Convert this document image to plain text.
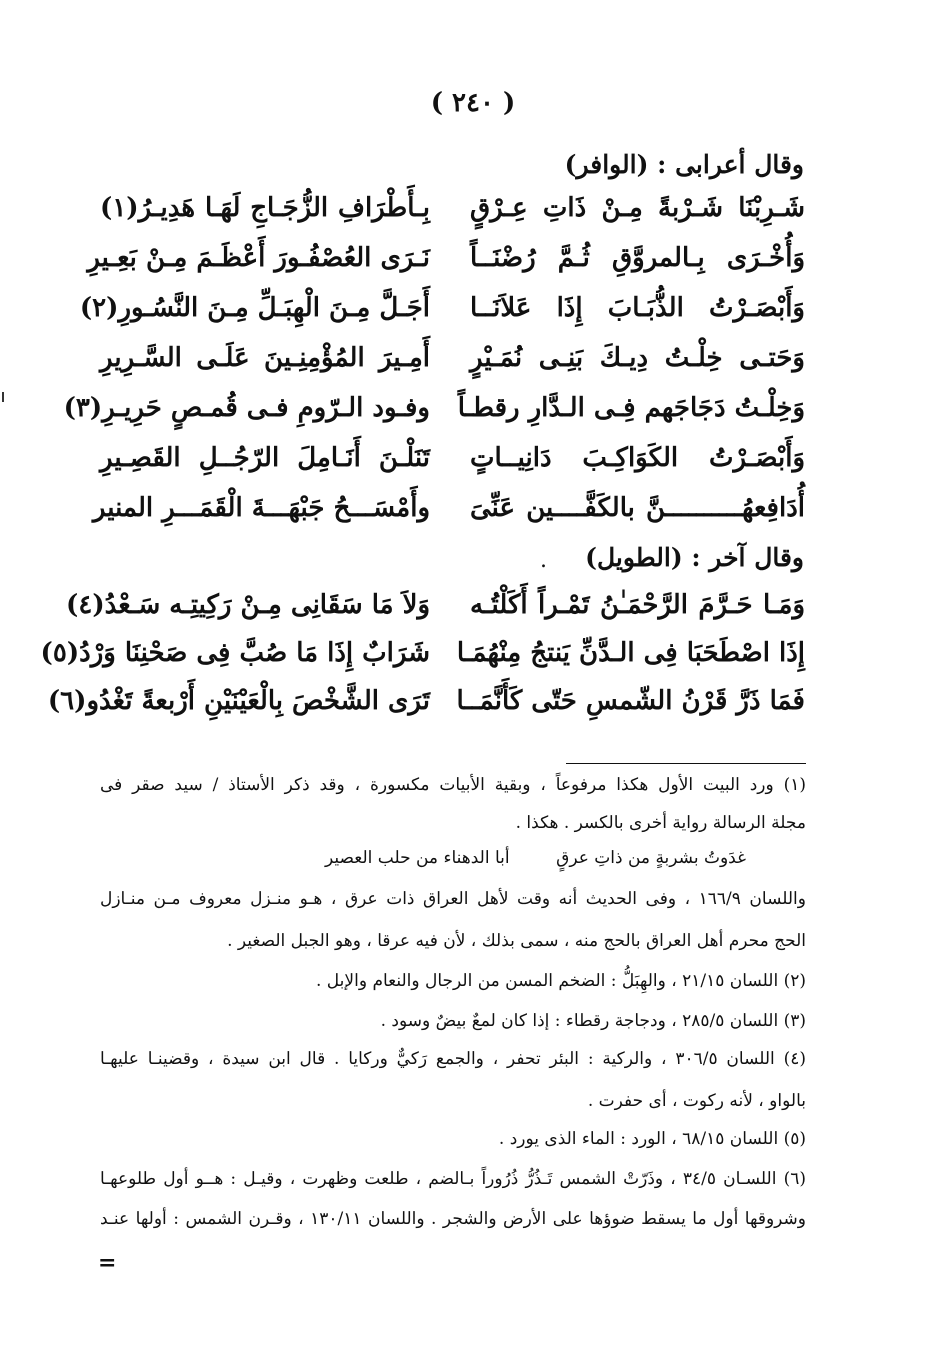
( ٢٤٠ )
وقال أعرابى : (الوافر)
شَـرِبْنَا شَـرْبةً مِـنْ ذَاتِ عِـرْقٍ
بِـأَطْرَافِ الزُّجَـاجِ لَهَـا هَدِيـرُ(١)
وَأُخْـرَى بِـالمروَّقِ ثُـمَّ رُضْنَــاً
نَـرَى العُصْفُـورَ أَعْظَـمَ مِـنْ بَعِـيرِ
وَأَبْصَـرْتُ الذُّبَـابَ إِذَا عَلاَنَــا
أَجَـلَّ مِـنَ الْهِبَـلِّ مِـنَ النَّسُـورِ(٢)
وَحَتـى خِلْـتُ دِيـكَ بَنِـى نُمَـيْرٍ
أَمِـيرَ المُؤْمِنِـينَ عَلَـى السَّـرِيرِ
وَخِلْـتُ دَجَاجَهم فِـى الـدَّارِ رقطـاً
وفـود الـرّومِ فـى قُمـصٍ حَرِيـرِ(٣)
وَأَبْصَـرْتُ الكَوَاكِـبَ دَانِيــاتٍ
تَنَلْـنَ أَنَـامِلَ الرّجُــلِ القَصِـيرِ
أُدَافِعهُــــــــــنَّ بالكَفَّــــين عَنِّىَ
وأَمْسَـــحُ جَبْهَـــةَ الْقَمَـــرِ المنير
وقال آخر : (الطويل)
.
وَمَـا حَـرَّمَ الرَّحْمَـٰنُ تَمْـراً أَكَلْتُـه
وَلاَ مَا سَقَانِى مِـنْ رَكِيتِـه سَـعْدُ(٤)
إِذَا اصْطَحَبَا فِى الـدَّنِّ يَنتجُ مِنْهُمَـا
شَرَابٌ إِذَا مَا صُبَّ فِى صَحْنِنَا وَرْدُ(٥)
فَمَا ذَرَّ قَرْنُ الشّمسِ حَتّى كَأَنَّمَــا
تَرَى الشَّخْصَ بِالْعَيْنَيْنِ أَرْبعةً تَغْدُو(٦)
(١) ورد البيت الأول هكذا مرفوعاً ، وبقية الأبيات مكسورة ، وقد ذكر الأستاذ / سيد صقر فى
مجلة الرسالة رواية أخرى بالكسر . هكذا .
غدَوتُ بشربةٍ من ذاتِ عرقٍ
أبا الدهناء من حلب العصير
واللسان ١٦٦/٩ ، وفى الحديث أنه وقت لأهل العراق ذات عرق ، هـو منـزل معروف مـن منـازل
الحج محرم أهل العراق بالحج منه ، سمى بذلك ، لأن فيه عرقا ، وهو الجبل الصغير .
(٢) اللسان ٢١/١٥ ، والهِبَلُّ : الضخم المسن من الرجال والنعام والإبل .
(٣) اللسان ٢٨٥/٥ ، ودجاجة رقطاء : إذا كان لمعٌ بيضٌ وسود .
(٤) اللسان ٣٠٦/٥ ، والركية : البئر تحفر ، والجمع رَكيٌّ وركايا . قال ابن سيدة ، وقضينـا عليهـا
بالواو ، لأنه ركوت ، أى حفرت .
(٥) اللسان ٦٨/١٥ ، الورد : الماء الذى يورد .
(٦) اللسـان ٣٤/٥ ، وذَرّتْ الشمس تَـذُرُّ ذُرُوراً بـالضم ، طلعت وظهرت ، وقيـل : هــو أول طلوعهـا
وشروقها أول ما يسقط ضوؤها على الأرض والشجر . واللسان ١٣٠/١١ ، وقـرن الشمس : أولها عنـد
=
